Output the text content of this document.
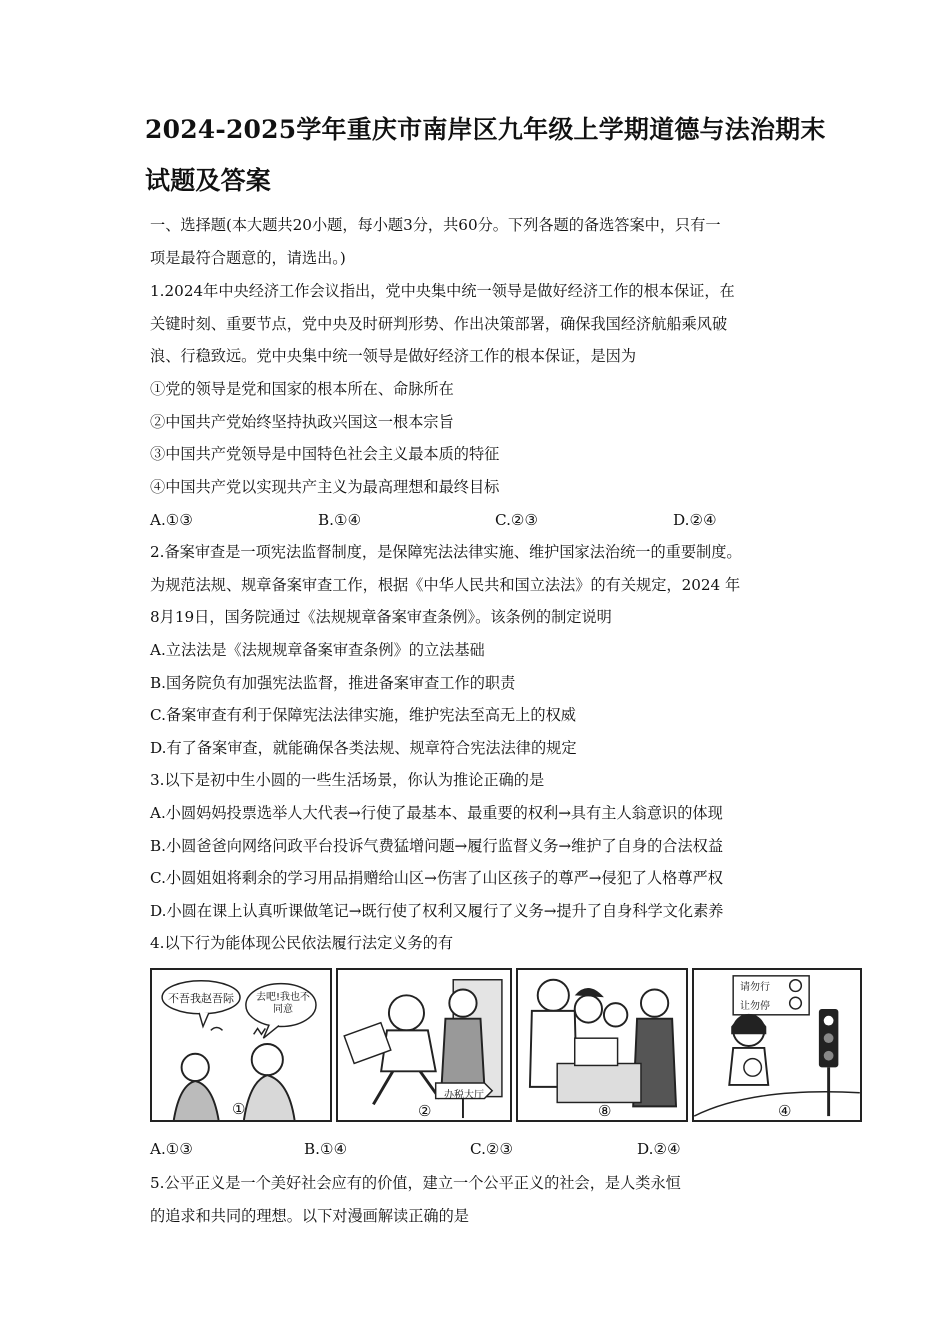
2024-2025学年重庆市南岸区九年级上学期道德与法治期末
试题及答案
一、选择题(本大题共20小题，每小题3分，共60分。下列各题的备选答案中，只有一
项是最符合题意的，请选出。)
1.2024年中央经济工作会议指出，党中央集中统一领导是做好经济工作的根本保证，在
关键时刻、重要节点，党中央及时研判形势、作出决策部署，确保我国经济航船乘风破
浪、行稳致远。党中央集中统一领导是做好经济工作的根本保证，是因为
①党的领导是党和国家的根本所在、命脉所在
②中国共产党始终坚持执政兴国这一根本宗旨
③中国共产党领导是中国特色社会主义最本质的特征
④中国共产党以实现共产主义为最高理想和最终目标
A.①③	B.①④	C.②③	D.②④
2.备案审查是一项宪法监督制度，是保障宪法法律实施、维护国家法治统一的重要制度。
为规范法规、规章备案审查工作，根据《中华人民共和国立法法》的有关规定，2024 年
8月19日，国务院通过《法规规章备案审查条例》。该条例的制定说明
A.立法法是《法规规章备案审查条例》的立法基础
B.国务院负有加强宪法监督，推进备案审查工作的职责
C.备案审查有利于保障宪法法律实施，维护宪法至高无上的权威
D.有了备案审查，就能确保各类法规、规章符合宪法法律的规定
3.以下是初中生小圆的一些生活场景，你认为推论正确的是
A.小圆妈妈投票选举人大代表→行使了最基本、最重要的权利→具有主人翁意识的体现
B.小圆爸爸向网络问政平台投诉气费猛增问题→履行监督义务→维护了自身的合法权益
C.小圆姐姐将剩余的学习用品捐赠给山区→伤害了山区孩子的尊严→侵犯了人格尊严权
D.小圆在课上认真听课做笔记→既行使了权利又履行了义务→提升了自身科学文化素养
4.以下行为能体现公民依法履行法定义务的有
不吾我赵吾际 去吧!我也不同意
①
办税大厅
②	⑧
请勿行
让勿停
④
A.①③	B.①④	C.②③	D.②④
5.公平正义是一个美好社会应有的价值，建立一个公平正义的社会，是人类永恒
的追求和共同的理想。以下对漫画解读正确的是
